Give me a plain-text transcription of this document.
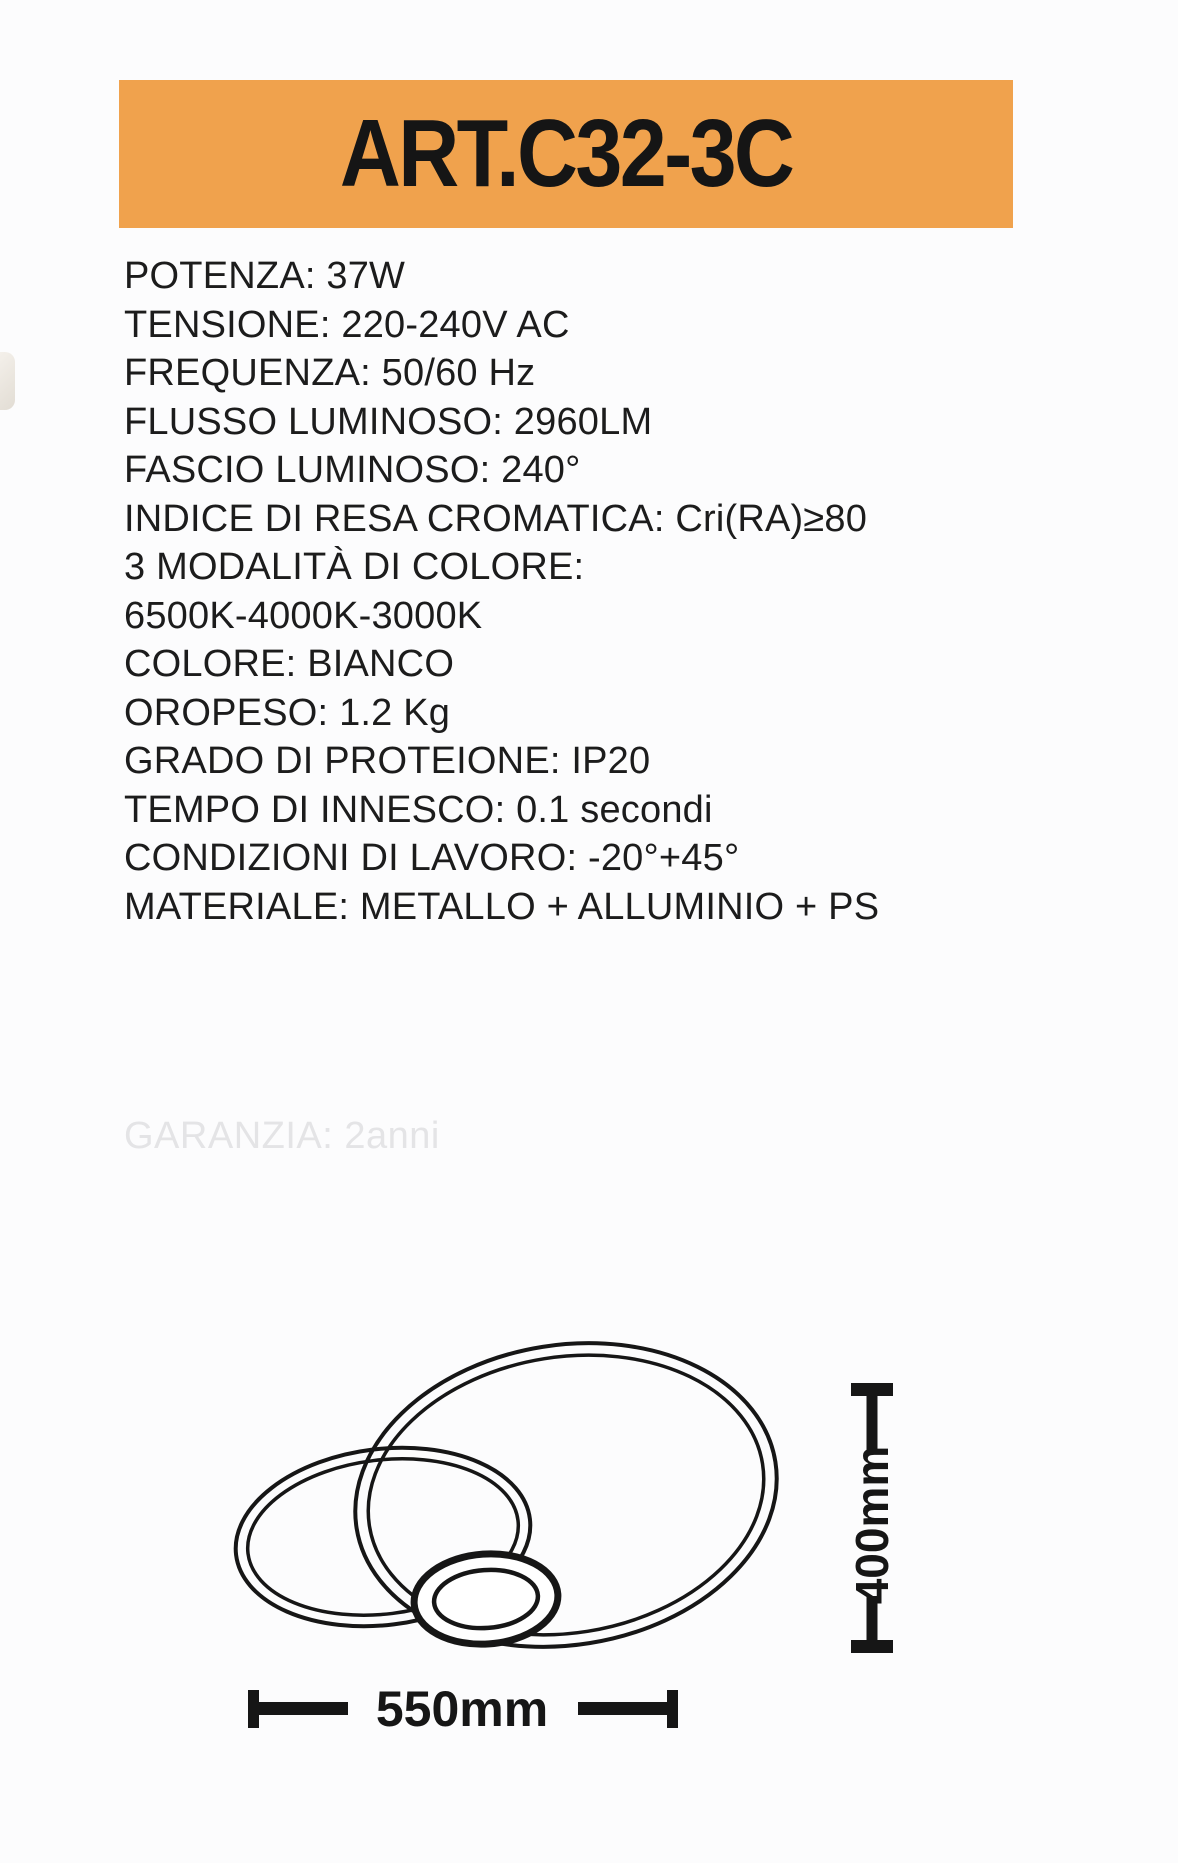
ART.C32-3C
POTENZA: 37W
TENSIONE: 220-240V AC
FREQUENZA: 50/60 Hz
FLUSSO LUMINOSO: 2960LM
FASCIO LUMINOSO: 240°
INDICE DI RESA CROMATICA: Cri(RA)≥80
3 MODALITÀ DI COLORE:
6500K-4000K-3000K
COLORE: BIANCO
OROPESO: 1.2 Kg
GRADO DI PROTEIONE: IP20
TEMPO DI INNESCO: 0.1 secondi
CONDIZIONI DI LAVORO: -20°+45°
MATERIALE: METALLO + ALLUMINIO + PS
GARANZIA: 2anni
400mm
550mm
